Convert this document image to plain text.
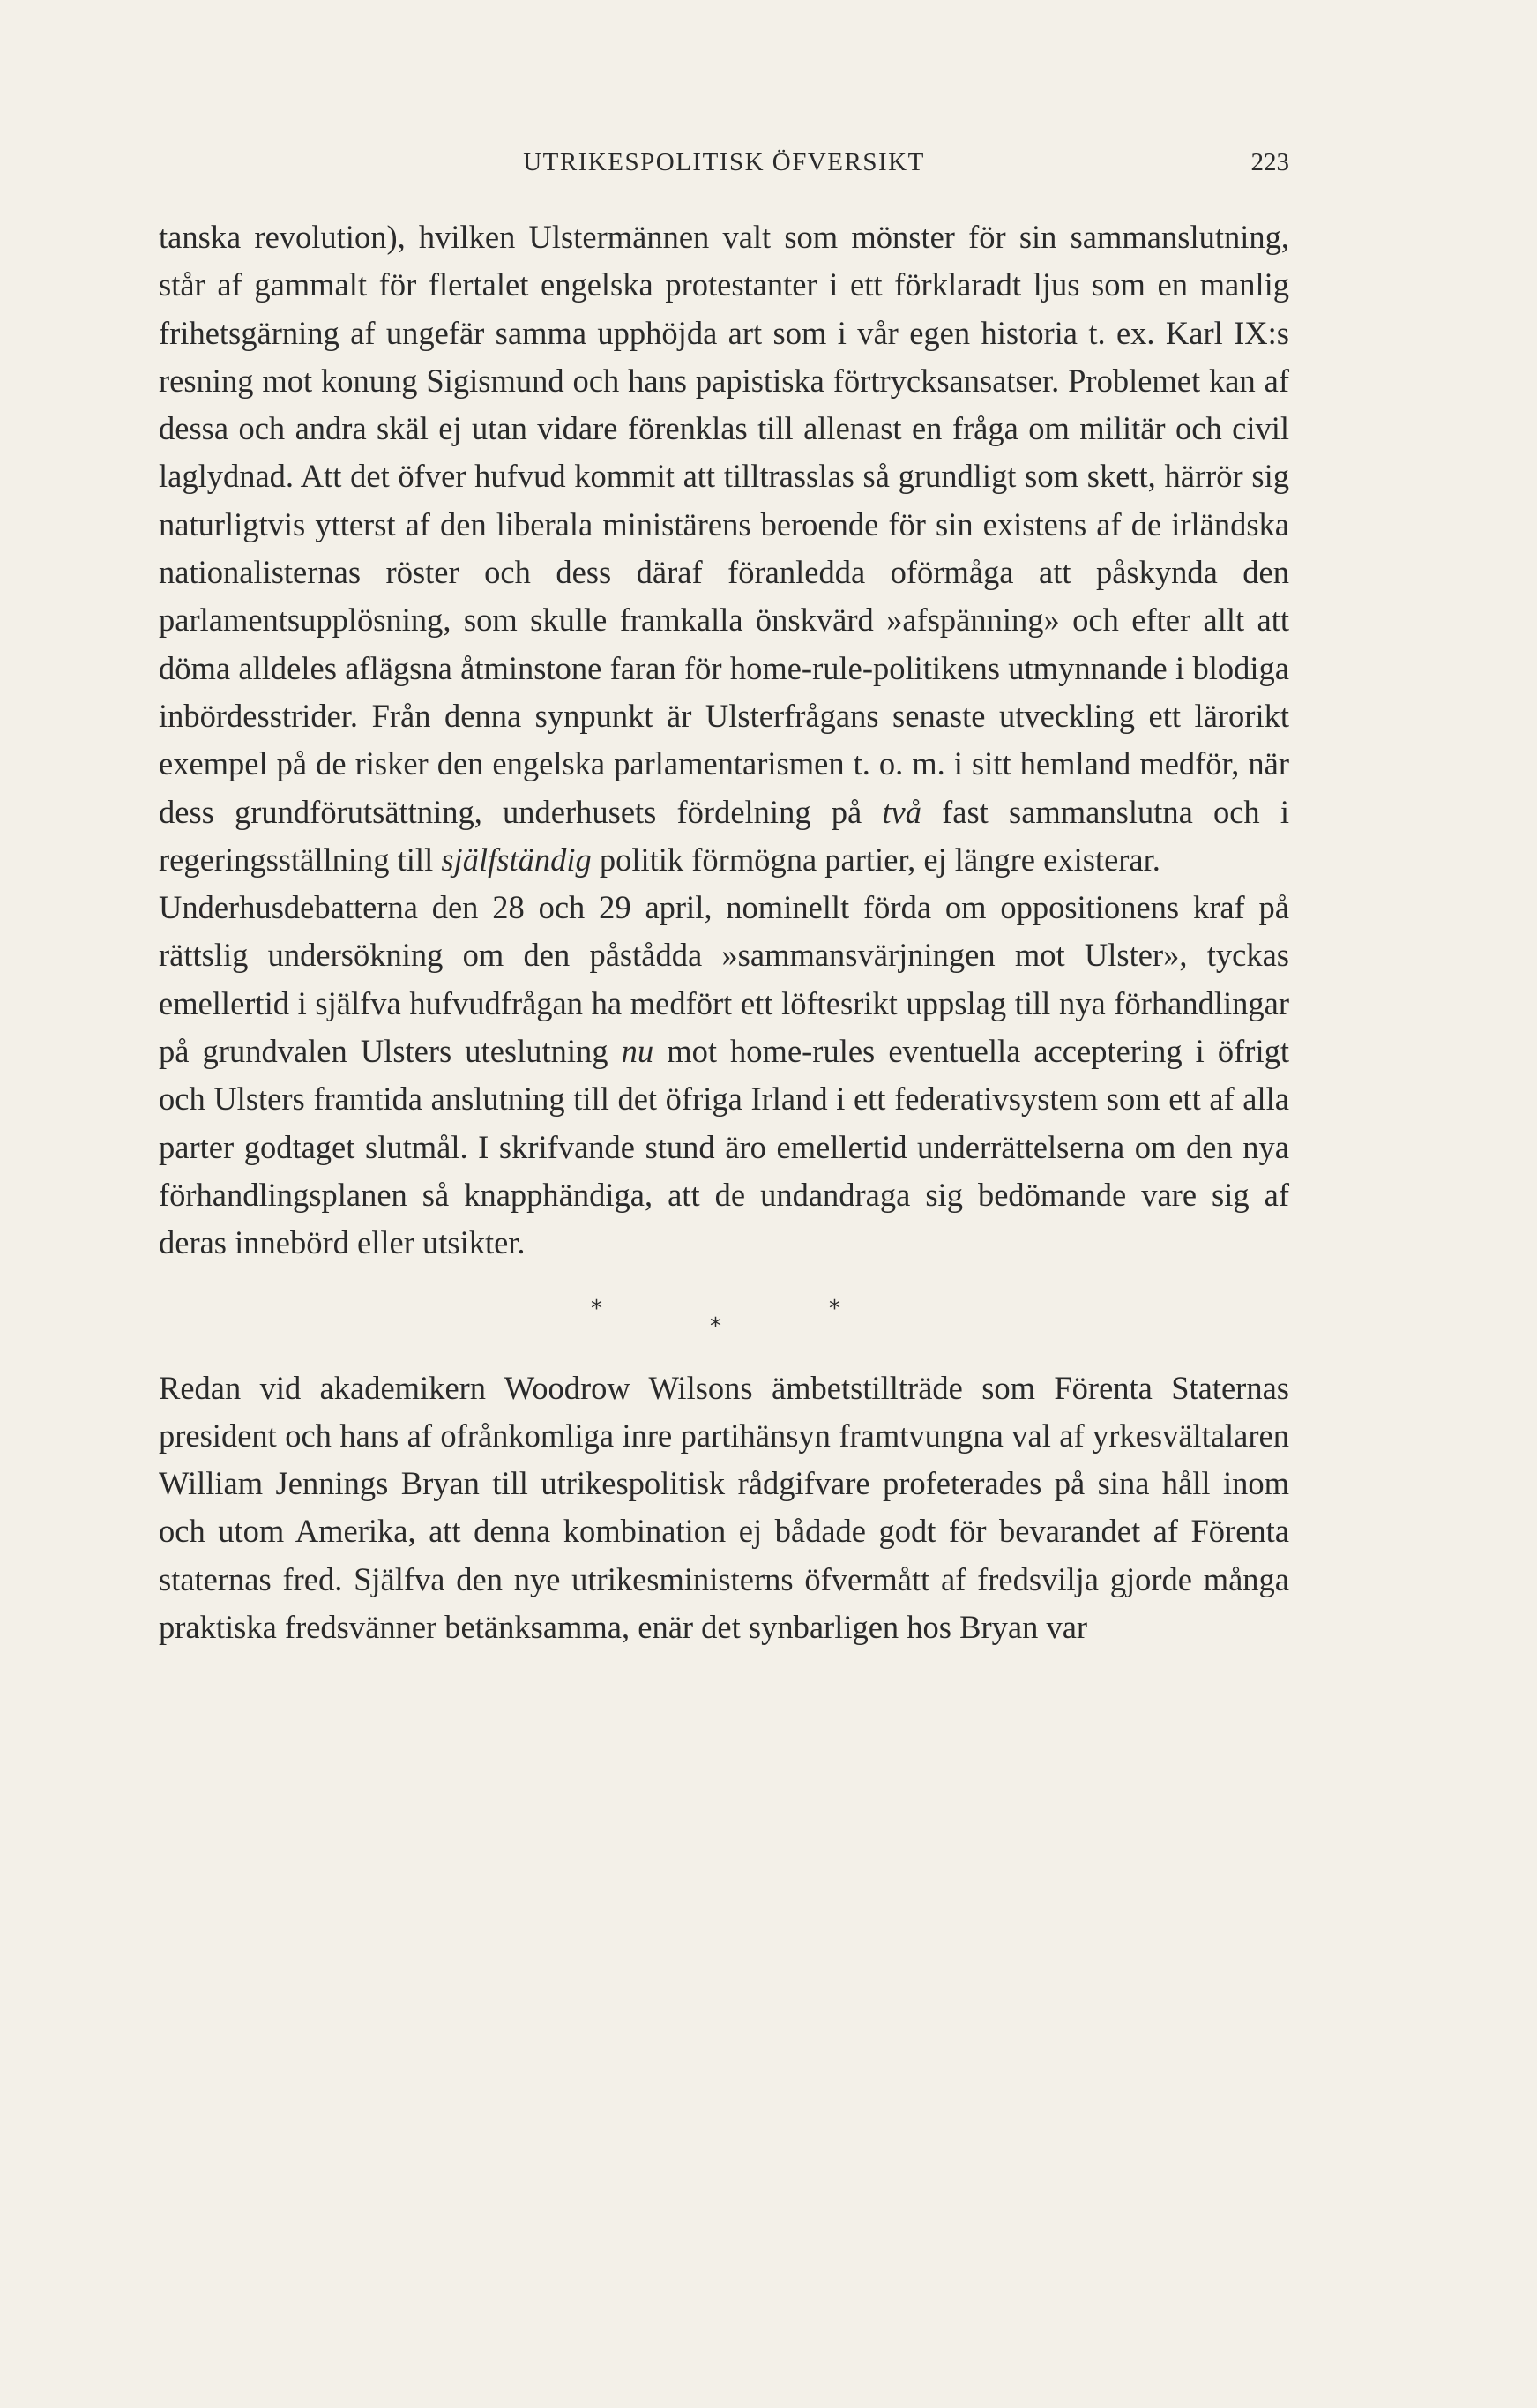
UTRIKESPOLITISK ÖFVERSIKT	223

tanska revolution), hvilken Ulstermännen valt som mönster för sin sammanslutning, står af gammalt för flertalet engelska protestanter i ett förklaradt ljus som en manlig frihetsgärning af ungefär samma upphöjda art som i vår egen historia t. ex. Karl IX:s resning mot konung Sigismund och hans papistiska förtrycksansatser. Problemet kan af dessa och andra skäl ej utan vidare förenklas till allenast en fråga om militär och civil laglydnad. Att det öfver hufvud kommit att tilltrasslas så grundligt som skett, härrör sig naturligtvis ytterst af den liberala ministärens beroende för sin existens af de irländska nationalisternas röster och dess däraf föranledda oförmåga att påskynda den parlamentsupplösning, som skulle framkalla önskvärd »afspänning» och efter allt att döma alldeles aflägsna åtminstone faran för home-rule-politikens utmynnande i blodiga inbördesstrider. Från denna synpunkt är Ulsterfrågans senaste utveckling ett lärorikt exempel på de risker den engelska parlamentarismen t. o. m. i sitt hemland medför, när dess grundförutsättning, underhusets fördelning på två fast sammanslutna och i regeringsställning till själfständig politik förmögna partier, ej längre existerar.

Underhusdebatterna den 28 och 29 april, nominellt förda om oppositionens kraf på rättslig undersökning om den påstådda »sammansvärjningen mot Ulster», tyckas emellertid i själfva hufvudfrågan ha medfört ett löftesrikt uppslag till nya förhandlingar på grundvalen Ulsters uteslutning nu mot home-rules eventuella acceptering i öfrigt och Ulsters framtida anslutning till det öfriga Irland i ett federativsystem som ett af alla parter godtaget slutmål. I skrifvande stund äro emellertid underrättelserna om den nya förhandlingsplanen så knapphändiga, att de undandraga sig bedömande vare sig af deras innebörd eller utsikter.

*
*
*

Redan vid akademikern Woodrow Wilsons ämbetstillträde som Förenta Staternas president och hans af ofrånkomliga inre partihänsyn framtvungna val af yrkesvältalaren William Jennings Bryan till utrikespolitisk rådgifvare profeterades på sina håll inom och utom Amerika, att denna kombination ej bådade godt för bevarandet af Förenta staternas fred. Själfva den nye utrikesministerns öfvermått af fredsvilja gjorde många praktiska fredsvänner betänksamma, enär det synbarligen hos Bryan var
